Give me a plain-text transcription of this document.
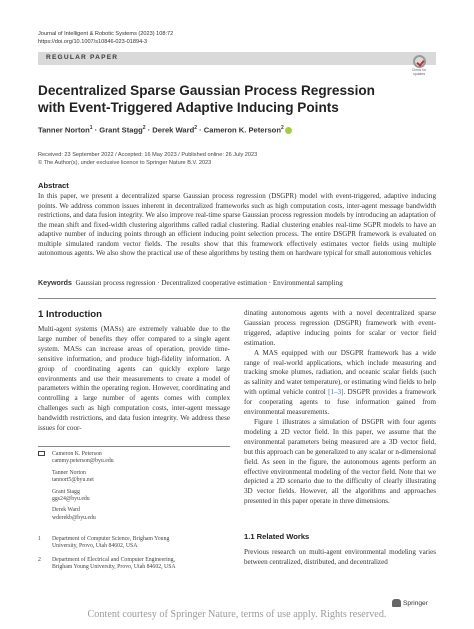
Journal of Intelligent & Robotic Systems (2023) 108:72
https://doi.org/10.1007/s10846-023-01894-3
REGULAR PAPER
Check for
updates
Decentralized Sparse Gaussian Process Regression
with Event-Triggered Adaptive Inducing Points
Tanner Norton$^1$ · Grant Stagg$^2$ · Derek Ward$^2$ · Cameron K. Peterson$^2$
Received: 23 September 2022 / Accepted: 16 May 2023 / Published online: 26 July 2023
© The Author(s), under exclusive licence to Springer Nature B.V. 2023
Abstract
In this paper, we present a decentralized sparse Gaussian process regression (DSGPR) model with event-triggered, adaptive inducing points. We address common issues inherent in decentralized frameworks such as high computation costs, inter-agent message bandwidth restrictions, and data fusion integrity. We also improve real-time sparse Gaussian process regression models by introducing an adaptation of the mean shift and fixed-width clustering algorithms called radial clustering. Radial clustering enables real-time SGPR models to have an adaptive number of inducing points through an efficient inducing point selection process. The entire DSGPR framework is evaluated on multiple simulated random vector fields. The results show that this framework effectively estimates vector fields using multiple autonomous agents. We also show the practical use of these algorithms by testing them on hardware typical for small autonomous vehicles
Keywords Gaussian process regression · Decentralized cooperative estimation · Environmental sampling
1 Introduction

Multi-agent systems (MASs) are extremely valuable due to the large number of benefits they offer compared to a single agent system. MASs can increase areas of operation, provide time-sensitive information, and produce high-fidelity information. A group of coordinating agents can quickly explore large environments and use their measurements to create a model of parameters within the operating region. However, coordinating and controlling a large number of agents comes with complex challenges such as high computation costs, inter-agent message bandwidth restrictions, and data fusion integrity. We address these issues for coor-

dinating autonomous agents with a novel decentralized sparse Gaussian process regression (DSGPR) framework with event-triggered, adaptive inducing points for scalar or vector field estimation.

A MAS equipped with our DSGPR framework has a wide range of real-world applications, which include measuring and tracking smoke plumes, radiation, and oceanic scalar fields (such as salinity and water temperature), or estimating wind fields to help with optimal vehicle control [1–3]. DSGPR provides a framework for cooperating agents to fuse information gained from environmental measurements.

Figure 1 illustrates a simulation of DSGPR with four agents modeling a 2D vector field. In this paper, we assume that the environmental parameters being measured are a 3D vector field, but this approach can be generalized to any scalar or n-dimensional field. As seen in the figure, the autonomous agents perform an effective environmental modeling of the vector field. Note that we depicted a 2D scenario due to the difficulty of clearly illustrating 3D vector fields. However, all the algorithms and approaches presented in this paper operate in three dimensions.

Cameron K. Peterson
cammy.peterson@byu.edu
Tanner Norton
tannort5@byu.net
Grant Stagg
ggs24@byu.edu
Derek Ward
wderekb@byu.edu
1	Department of Computer Science, Brigham Young
University, Provo, Utah 84602, USA
2	Department of Electrical and Computer Engineering,
Brigham Young University, Provo, Utah 84602, USA
1.1 Related Works

Previous research on multi-agent environmental modeling varies between centralized, distributed, and decentralized

Springer
Content courtesy of Springer Nature, terms of use apply. Rights reserved.
